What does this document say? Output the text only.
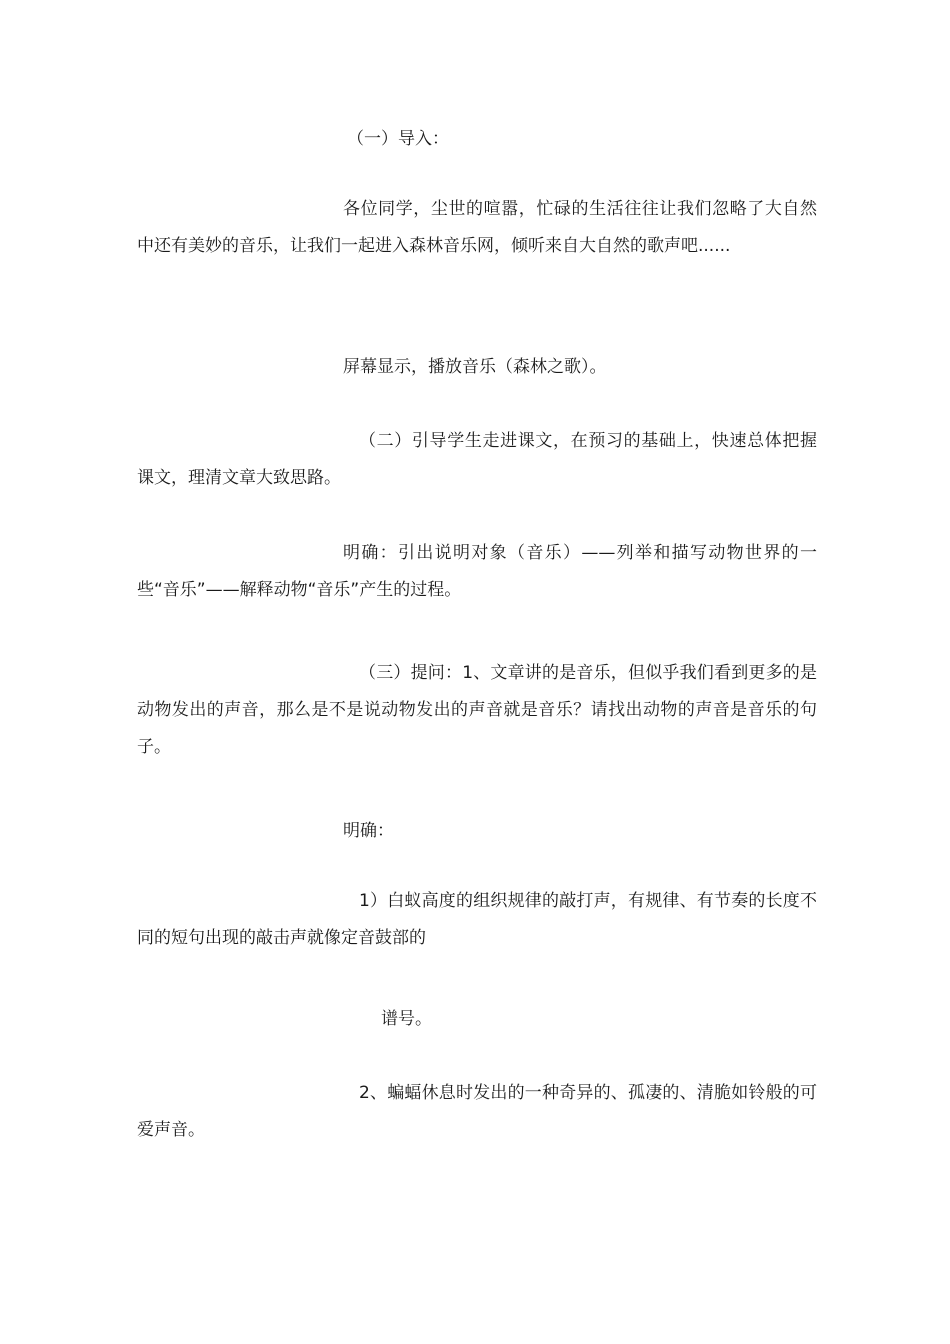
（一）导入：

各位同学，尘世的喧嚣，忙碌的生活往往让我们忽略了大自然中还有美妙的音乐，让我们一起进入森林音乐网，倾听来自大自然的歌声吧......

屏幕显示，播放音乐（森林之歌）。

（二）引导学生走进课文，在预习的基础上，快速总体把握课文，理清文章大致思路。

明确：引出说明对象（音乐）——列举和描写动物世界的一些“音乐”——解释动物“音乐”产生的过程。

（三）提问：1、文章讲的是音乐，但似乎我们看到更多的是动物发出的声音，那么是不是说动物发出的声音就是音乐？请找出动物的声音是音乐的句子。

明确：

1）白蚁高度的组织规律的敲打声，有规律、有节奏的长度不同的短句出现的敲击声就像定音鼓部的

谱号。

2、蝙蝠休息时发出的一种奇异的、孤凄的、清脆如铃般的可爱声音。
